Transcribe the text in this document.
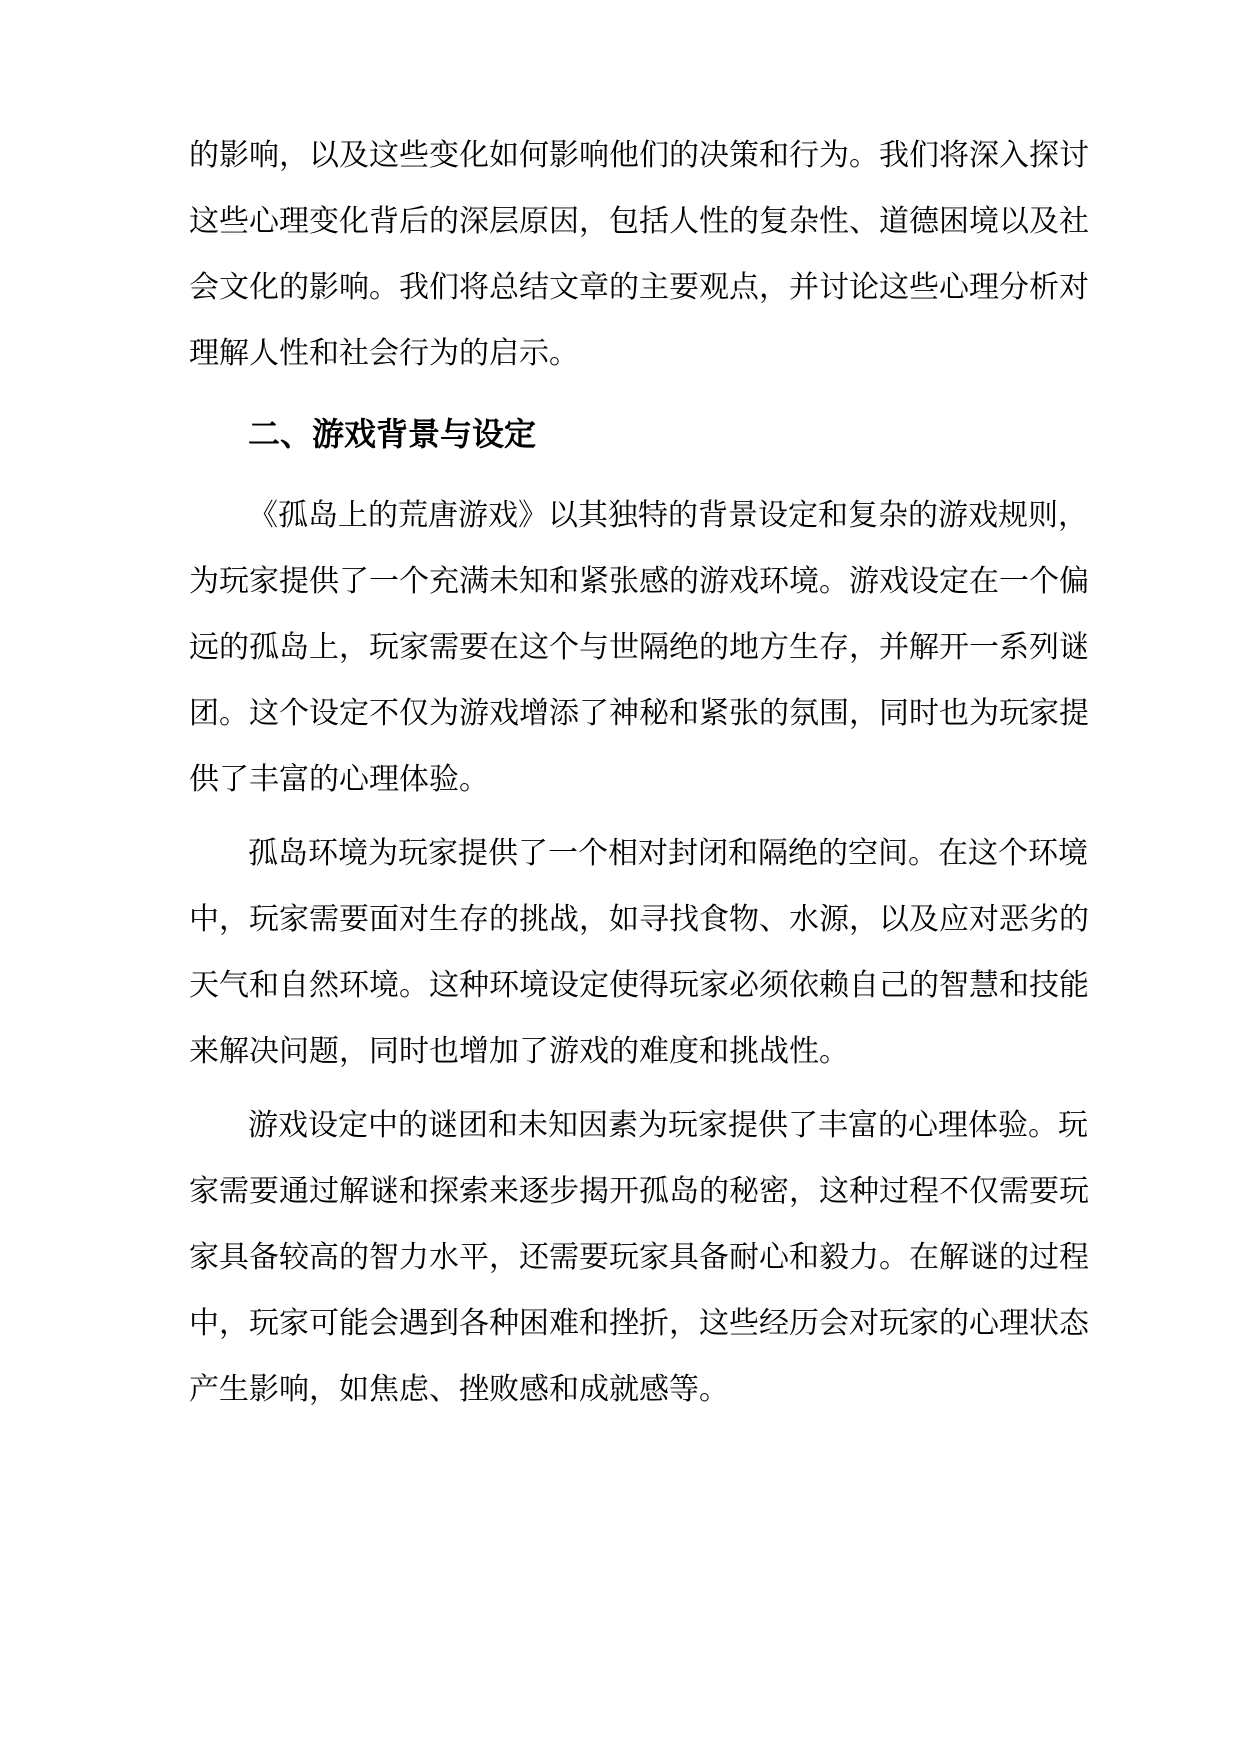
的影响，以及这些变化如何影响他们的决策和行为。我们将深入探讨
这些心理变化背后的深层原因，包括人性的复杂性、道德困境以及社
会文化的影响。我们将总结文章的主要观点，并讨论这些心理分析对
理解人性和社会行为的启示。
二、游戏背景与设定
《孤岛上的荒唐游戏》以其独特的背景设定和复杂的游戏规则，
为玩家提供了一个充满未知和紧张感的游戏环境。游戏设定在一个偏
远的孤岛上，玩家需要在这个与世隔绝的地方生存，并解开一系列谜
团。这个设定不仅为游戏增添了神秘和紧张的氛围，同时也为玩家提
供了丰富的心理体验。
孤岛环境为玩家提供了一个相对封闭和隔绝的空间。在这个环境
中，玩家需要面对生存的挑战，如寻找食物、水源，以及应对恶劣的
天气和自然环境。这种环境设定使得玩家必须依赖自己的智慧和技能
来解决问题，同时也增加了游戏的难度和挑战性。
游戏设定中的谜团和未知因素为玩家提供了丰富的心理体验。玩
家需要通过解谜和探索来逐步揭开孤岛的秘密，这种过程不仅需要玩
家具备较高的智力水平，还需要玩家具备耐心和毅力。在解谜的过程
中，玩家可能会遇到各种困难和挫折，这些经历会对玩家的心理状态
产生影响，如焦虑、挫败感和成就感等。
